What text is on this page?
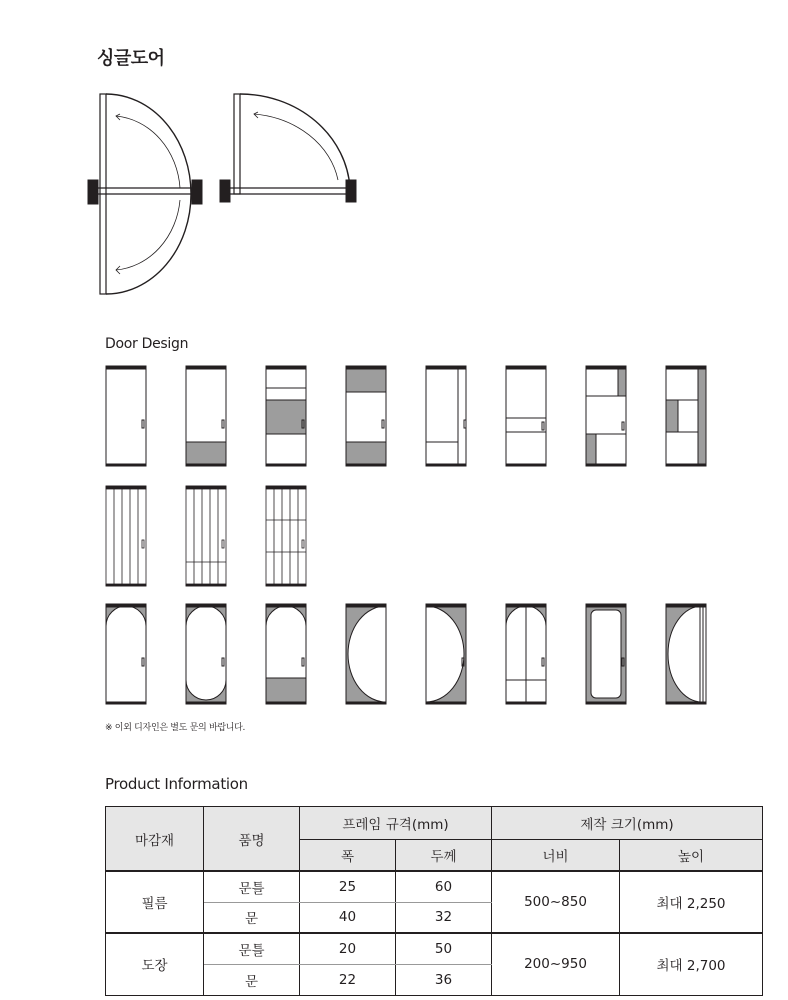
싱글도어
Door Design
※ 이외 디자인은 별도 문의 바랍니다.
Product Information
마감재	품명	프레임 규격(mm)		제작 크기(mm)	
		폭	두께	너비	높이
필름	문틀	25	60	500~850	최대 2,250
	문	40	32		
도장	문틀	20	50	200~950	최대 2,700
	문	22	36		
